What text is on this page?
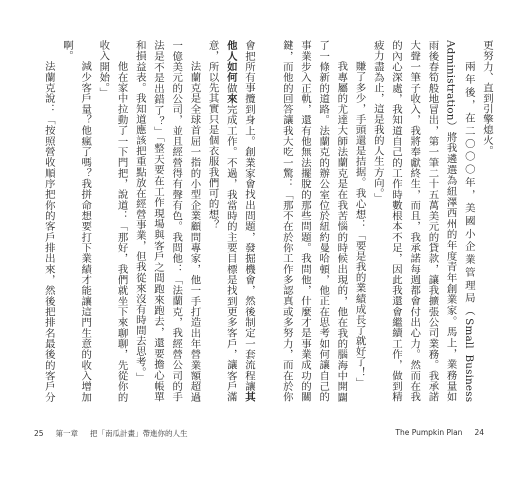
會把所有事攬到身上。創業家會找出問題，發掘機會，然後制定一套流程讓其他人如何做來完成工作。不過，我當時的主要目標是找到更多客戶，讓客戶滿意，所以先其實只是個衣服我們可的想？

法蘭克是全球首屈一指的小型企業顧問專家，他一手打造出年營業額超過一億美元的公司，並且經營得有聲有色。我問他：「法蘭克，我經營公司的手法是不是出錯了？」「整天要在工作現場與客戶之間跑來跑去，還要擔心帳單和損益表。我知道應該把重點放在經營事業，但我從來沒有時間去思考。」

他在家中拉動了一下門把，說道：「那好，我們就坐下來聊聊，先從你的收入開始。」

減少客戶量？他瘋了嗎？我拼命想要打下業績才能讓這門生意的收入增加啊。

法蘭克說：「按照營收順序把你的客戶排出來，然後把排名最後的客戶分

更努力、直到引擎熄火。

兩年後，在二〇〇〇年，美國小企業管理局（Small Business Administration）將我遴選為紐澤西州的年度青年創業家。馬上，業務量如雨後春筍般地冒出，第一筆二十五萬美元的貸款，讓我擴張公司業務。我承諾大聲一筆子收入，我將奉獻終生，而且，我承諾每週都會付出心力。然而在我的內心深處，我知道自己的工作時數根本不足，因此我還會繼續工作，做到精疲力盡為止，這是我的人生方向。」

賺了多少，手頭還是拮据。我心想：「要是我的業績成長了就好了！」

我專屬的尤達大師法蘭克是在我苦惱的時候出現的，他在我的腦海中開闢了一條新的道路。法蘭克的辦公室位於紐約曼哈頓，他正在思考如何讓自己的事業步入正軌，還有他無法擺脫的那些問題。我問他，什麼才是事業成功的關鍵，而他的回答讓我大吃一驚：「那不在於你工作多認真或多努力，而在於你

25 第一章 把「南瓜計畫」帶進你的人生	The Pumpkin Plan 24
